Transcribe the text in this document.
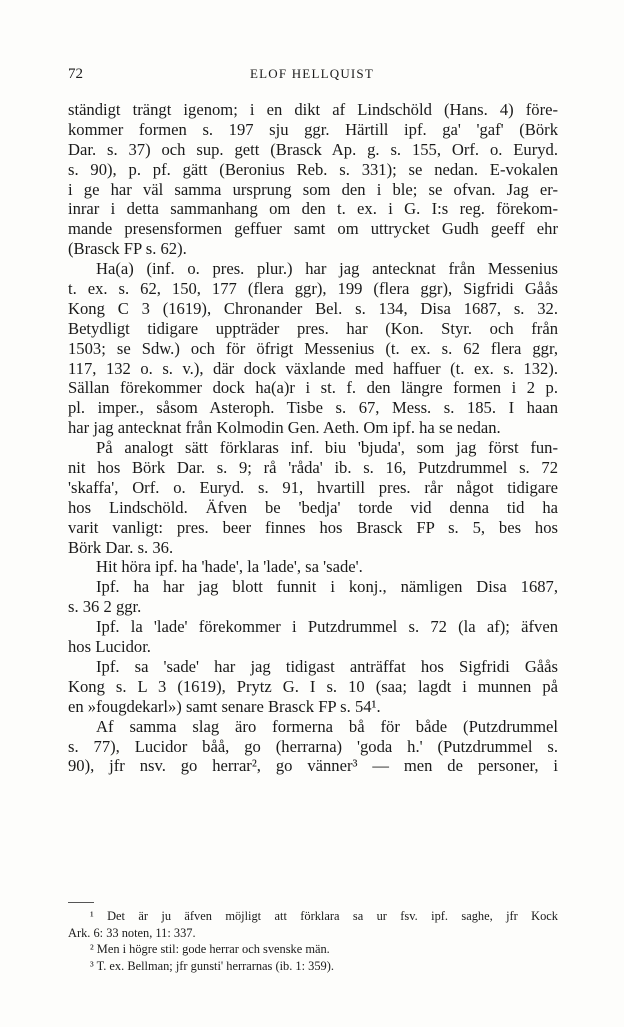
72	ELOF HELLQUIST
ständigt trängt igenom; i en dikt af Lindschöld (Hans. 4) före-
kommer formen s. 197 sju ggr. Härtill ipf. ga' 'gaf' (Börk
Dar. s. 37) och sup. gett (Brasck Ap. g. s. 155, Orf. o. Euryd.
s. 90), p. pf. gätt (Beronius Reb. s. 331); se nedan. E-vokalen
i ge har väl samma ursprung som den i ble; se ofvan. Jag er-
inrar i detta sammanhang om den t. ex. i G. I:s reg. förekom-
mande presensformen geffuer samt om uttrycket Gudh geeff ehr
(Brasck FP s. 62).
Ha(a) (inf. o. pres. plur.) har jag antecknat från Messenius
t. ex. s. 62, 150, 177 (flera ggr), 199 (flera ggr), Sigfridi Gåås
Kong C 3 (1619), Chronander Bel. s. 134, Disa 1687, s. 32.
Betydligt tidigare uppträder pres. har (Kon. Styr. och från
1503; se Sdw.) och för öfrigt Messenius (t. ex. s. 62 flera ggr,
117, 132 o. s. v.), där dock växlande med haffuer (t. ex. s. 132).
Sällan förekommer dock ha(a)r i st. f. den längre formen i 2 p.
pl. imper., såsom Asteroph. Tisbe s. 67, Mess. s. 185. I haan
har jag antecknat från Kolmodin Gen. Aeth. Om ipf. ha se nedan.
På analogt sätt förklaras inf. biu 'bjuda', som jag först fun-
nit hos Börk Dar. s. 9; rå 'råda' ib. s. 16, Putzdrummel s. 72
'skaffa', Orf. o. Euryd. s. 91, hvartill pres. rår något tidigare
hos Lindschöld. Äfven be 'bedja' torde vid denna tid ha
varit vanligt: pres. beer finnes hos Brasck FP s. 5, bes hos
Börk Dar. s. 36.
Hit höra ipf. ha 'hade', la 'lade', sa 'sade'.
Ipf. ha har jag blott funnit i konj., nämligen Disa 1687,
s. 36 2 ggr.
Ipf. la 'lade' förekommer i Putzdrummel s. 72 (la af); äfven
hos Lucidor.
Ipf. sa 'sade' har jag tidigast anträffat hos Sigfridi Gåås
Kong s. L 3 (1619), Prytz G. I s. 10 (saa; lagdt i munnen på
en »fougdekarl») samt senare Brasck FP s. 54¹.
Af samma slag äro formerna bå för både (Putzdrummel
s. 77), Lucidor båå, go (herrarna) 'goda h.' (Putzdrummel s.
90), jfr nsv. go herrar², go vänner³ — men de personer, i
¹ Det är ju äfven möjligt att förklara sa ur fsv. ipf. saghe, jfr Kock
Ark. 6: 33 noten, 11: 337.
² Men i högre stil: gode herrar och svenske män.
³ T. ex. Bellman; jfr gunsti' herrarnas (ib. 1: 359).
